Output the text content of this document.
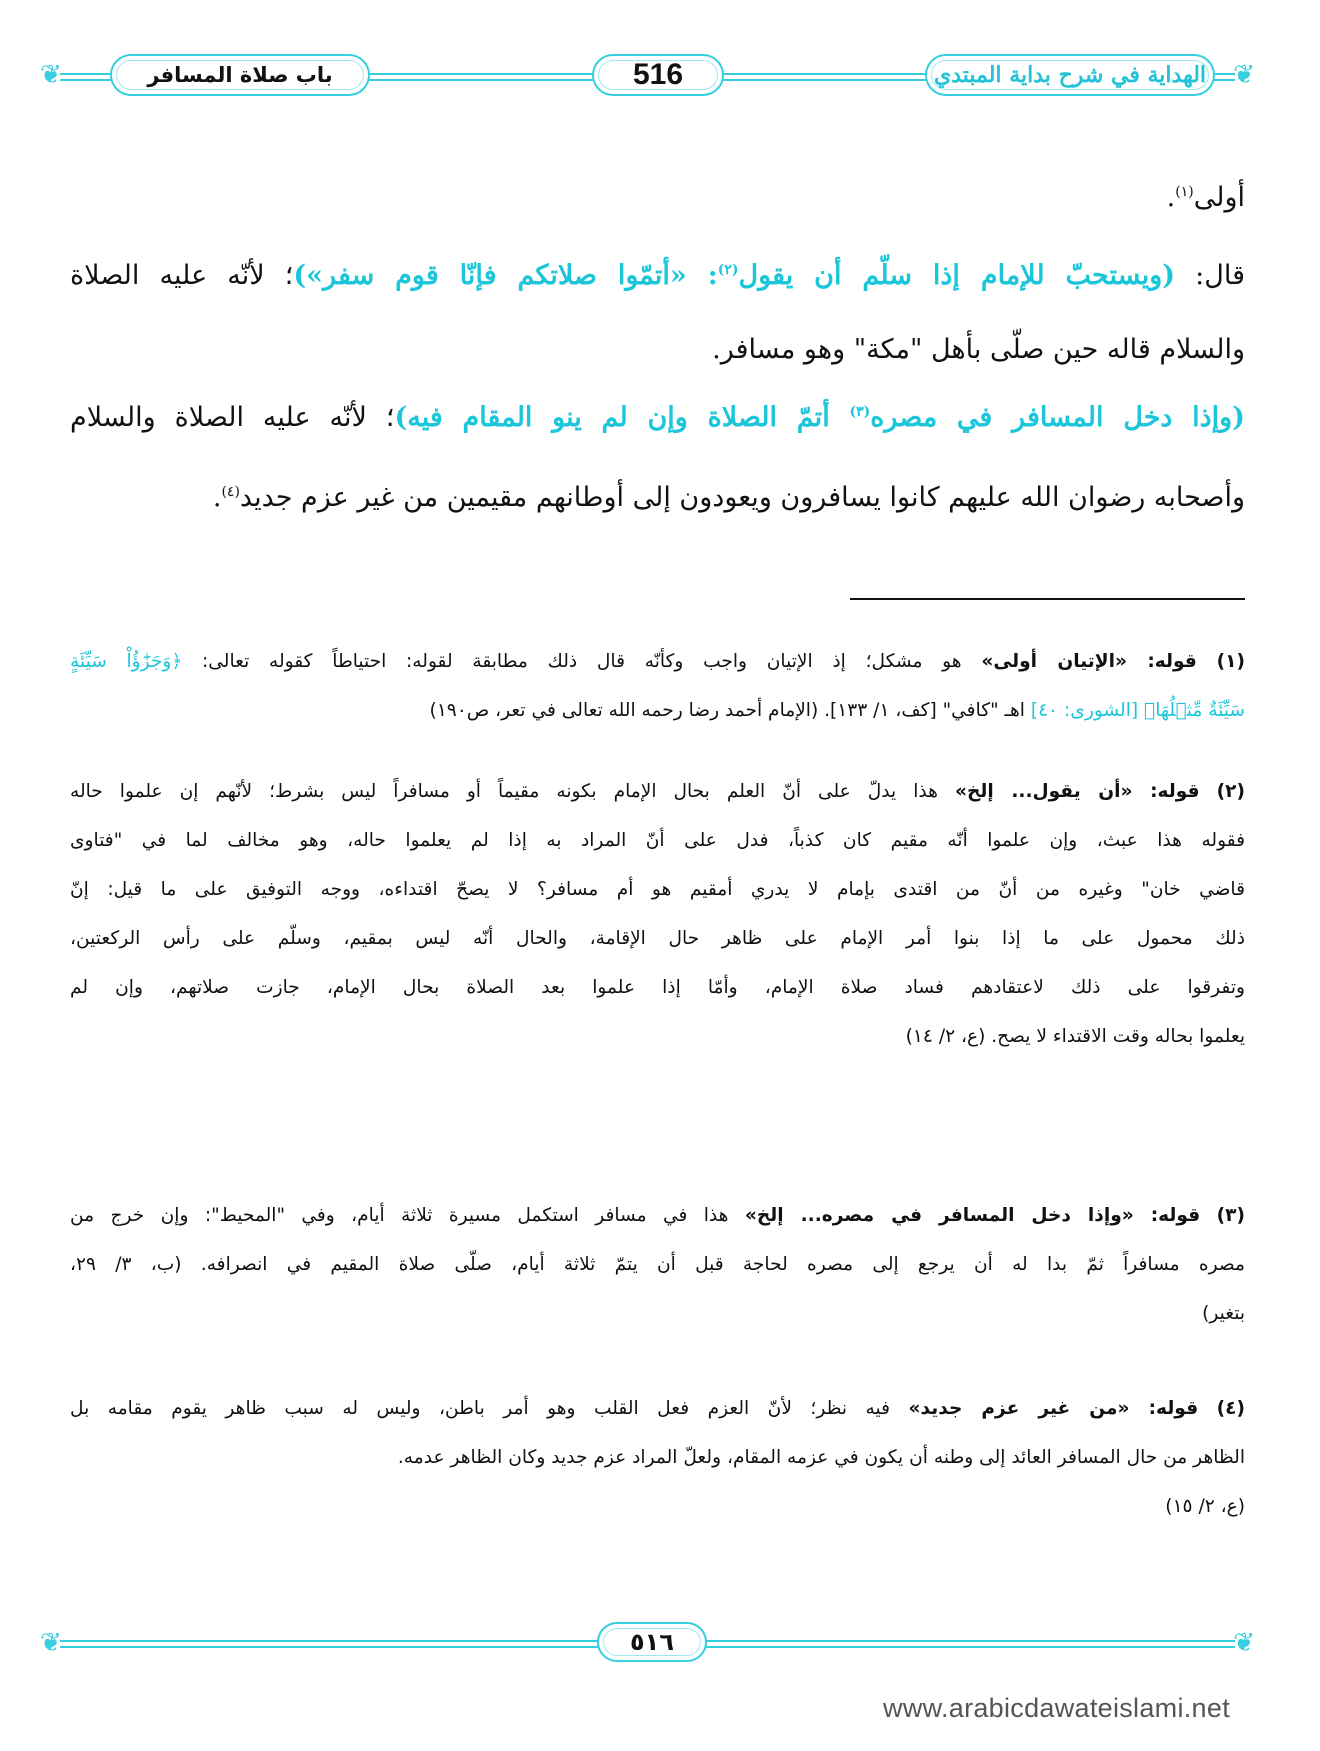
❦	❦
باب صلاة المسافر	516	الهداية في شرح بداية المبتدي

أولى$^{(١)}$.

قال: (ويستحبّ للإمام إذا سلّم أن يقول$^{(٢)}$: «أتمّوا صلاتكم فإنّا قوم سفر»)؛ لأنّه عليه الصلاة

والسلام قاله حين صلّى بأهل "مكة" وهو مسافر.

(وإذا دخل المسافر في مصره$^{(٣)}$ أتمّ الصلاة وإن لم ينو المقام فيه)؛ لأنّه عليه الصلاة والسلام

وأصحابه رضوان الله عليهم كانوا يسافرون ويعودون إلى أوطانهم مقيمين من غير عزم جديد$^{(٤)}$.

(١) قوله: «الإتيان أولى» هو مشكل؛ إذ الإتيان واجب وكأنّه قال ذلك مطابقة لقوله: احتياطاً كقوله تعالى: ﴿وَجَزَٰٓؤُاْ سَيِّئَةٍ
سَيِّئَةٌ مِّثۡلُهَا﴾ [الشورى: ٤٠] اهـ "كافي" [كف، ١/ ١٣٣]. (الإمام أحمد رضا رحمه الله تعالى في تعر، ص١٩٠)
(٢) قوله: «أن يقول... إلخ» هذا يدلّ على أنّ العلم بحال الإمام بكونه مقيماً أو مسافراً ليس بشرط؛ لأنّهم إن علموا حاله
فقوله هذا عبث، وإن علموا أنّه مقيم كان كذباً، فدل على أنّ المراد به إذا لم يعلموا حاله، وهو مخالف لما في "فتاوى
قاضي خان" وغيره من أنّ من اقتدى بإمام لا يدري أمقيم هو أم مسافر؟ لا يصحّ اقتداءه، ووجه التوفيق على ما قيل: إنّ
ذلك محمول على ما إذا بنوا أمر الإمام على ظاهر حال الإقامة، والحال أنّه ليس بمقيم، وسلّم على رأس الركعتين،
وتفرقوا على ذلك لاعتقادهم فساد صلاة الإمام، وأمّا إذا علموا بعد الصلاة بحال الإمام، جازت صلاتهم، وإن لم
يعلموا بحاله وقت الاقتداء لا يصح. (ع، ٢/ ١٤)
(٣) قوله: «وإذا دخل المسافر في مصره... إلخ» هذا في مسافر استكمل مسيرة ثلاثة أيام، وفي "المحيط": وإن خرج من
مصره مسافراً ثمّ بدا له أن يرجع إلى مصره لحاجة قبل أن يتمّ ثلاثة أيام، صلّى صلاة المقيم في انصرافه. (ب، ٣/ ٢٩،
بتغير)
(٤) قوله: «من غير عزم جديد» فيه نظر؛ لأنّ العزم فعل القلب وهو أمر باطن، وليس له سبب ظاهر يقوم مقامه بل
الظاهر من حال المسافر العائد إلى وطنه أن يكون في عزمه المقام، ولعلّ المراد عزم جديد وكان الظاهر عدمه.
(ع، ٢/ ١٥)
❦	❦
٥١٦
www.arabicdawateislami.net
